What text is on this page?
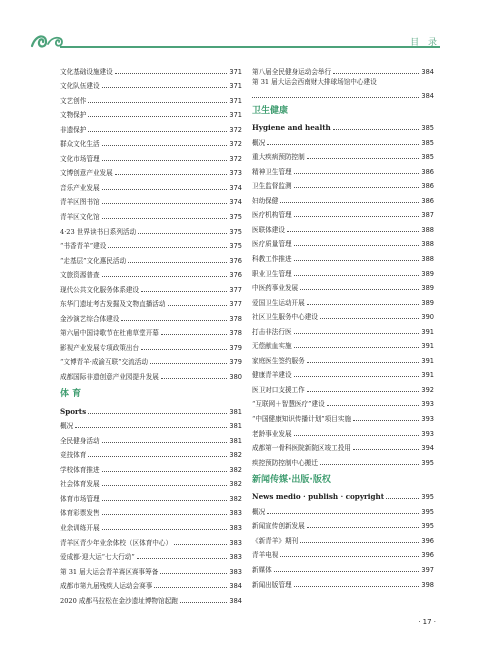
目 录
文化基础设施建设	371
文化队伍建设	371
文艺创作	371
文物保护	371
非遗保护	372
群众文化生活	372
文化市场管理	372
文博创意产业发展	373
音乐产业发展	374
青羊区图书馆	374
青羊区文化馆	375
4·23 世界读书日系列活动	375
“书香青羊”建设	375
“走基层”文化惠民活动	376
文旅资源普查	376
现代公共文化服务体系建设	377
东华门遗址考古发掘及文物直播活动	377
金沙演艺综合体建设	378
第六届中国诗歌节在杜甫草堂开幕	378
影视产业发展专项政策出台	379
“文博青羊·成渝互联”交流活动	379
成都国际非遗创意产业园提升发展	380
体 育
Sports	381
概况	381
全民健身活动	381
竞技体育	382
学校体育推进	382
社会体育发展	382
体育市场管理	382
体育彩票发售	383
业余训练开展	383
青羊区青少年业余体校（区体育中心）	383
爱成都·迎大运“七大行动”	383
第 31 届大运会青羊赛区赛事筹备	383
成都市第九届残疾人运动会赛事	384
2020 成都马拉松在金沙遗址博物馆起跑	384
第八届全民健身运动会举行	384
第 31 届大运会西南财大排球场馆中心建设
384
卫生健康
Hygiene and health	385
概况	385
重大疾病预防控制	385
精神卫生管理	386
卫生监督监测	386
妇幼保健	386
医疗机构管理	387
医联体建设	388
医疗质量管理	388
科教工作推进	388
职业卫生管理	389
中医药事业发展	389
爱国卫生运动开展	389
社区卫生服务中心建设	390
打击非法行医	391
无偿献血实施	391
家庭医生签约服务	391
健康青羊建设	391
医卫对口支援工作	392
“互联网＋智慧医疗”建设	393
“中国健康知识传播计划”项目实施	393
老龄事业发展	393
成都第一骨科医院新院区竣工投用	394
疾控预防控制中心搬迁	395
新闻传媒·出版·版权
News medio · publish · copyright	395
概况	395
新闻宣传创新发展	395
《新青羊》期刊	396
青羊电视	396
新媒体	397
新闻出版管理	398
· 17 ·
